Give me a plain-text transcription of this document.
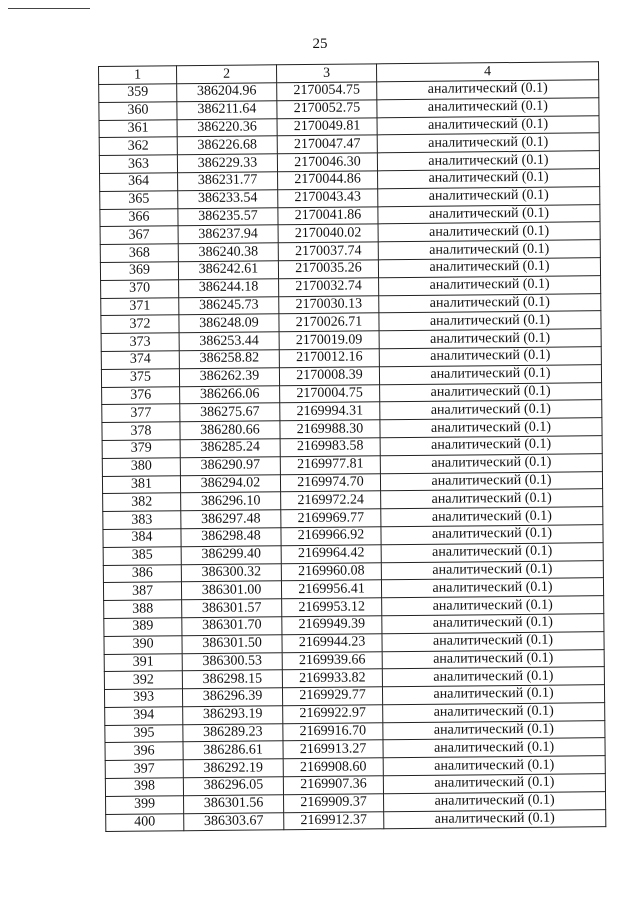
25
1	2	3	4
359	386204.96	2170054.75	аналитический (0.1)
360	386211.64	2170052.75	аналитический (0.1)
361	386220.36	2170049.81	аналитический (0.1)
362	386226.68	2170047.47	аналитический (0.1)
363	386229.33	2170046.30	аналитический (0.1)
364	386231.77	2170044.86	аналитический (0.1)
365	386233.54	2170043.43	аналитический (0.1)
366	386235.57	2170041.86	аналитический (0.1)
367	386237.94	2170040.02	аналитический (0.1)
368	386240.38	2170037.74	аналитический (0.1)
369	386242.61	2170035.26	аналитический (0.1)
370	386244.18	2170032.74	аналитический (0.1)
371	386245.73	2170030.13	аналитический (0.1)
372	386248.09	2170026.71	аналитический (0.1)
373	386253.44	2170019.09	аналитический (0.1)
374	386258.82	2170012.16	аналитический (0.1)
375	386262.39	2170008.39	аналитический (0.1)
376	386266.06	2170004.75	аналитический (0.1)
377	386275.67	2169994.31	аналитический (0.1)
378	386280.66	2169988.30	аналитический (0.1)
379	386285.24	2169983.58	аналитический (0.1)
380	386290.97	2169977.81	аналитический (0.1)
381	386294.02	2169974.70	аналитический (0.1)
382	386296.10	2169972.24	аналитический (0.1)
383	386297.48	2169969.77	аналитический (0.1)
384	386298.48	2169966.92	аналитический (0.1)
385	386299.40	2169964.42	аналитический (0.1)
386	386300.32	2169960.08	аналитический (0.1)
387	386301.00	2169956.41	аналитический (0.1)
388	386301.57	2169953.12	аналитический (0.1)
389	386301.70	2169949.39	аналитический (0.1)
390	386301.50	2169944.23	аналитический (0.1)
391	386300.53	2169939.66	аналитический (0.1)
392	386298.15	2169933.82	аналитический (0.1)
393	386296.39	2169929.77	аналитический (0.1)
394	386293.19	2169922.97	аналитический (0.1)
395	386289.23	2169916.70	аналитический (0.1)
396	386286.61	2169913.27	аналитический (0.1)
397	386292.19	2169908.60	аналитический (0.1)
398	386296.05	2169907.36	аналитический (0.1)
399	386301.56	2169909.37	аналитический (0.1)
400	386303.67	2169912.37	аналитический (0.1)
